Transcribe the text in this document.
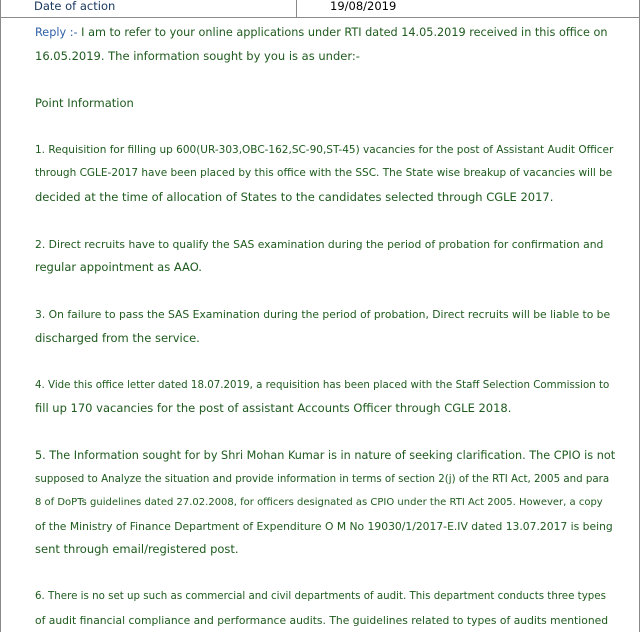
Date of action	19/08/2019
Reply :- I am to refer to your online applications under RTI dated 14.05.2019 received in this office on
16.05.2019. The information sought by you is as under:-
Point Information
1. Requisition for filling up 600(UR-303,OBC-162,SC-90,ST-45) vacancies for the post of Assistant Audit Officer
through CGLE-2017 have been placed by this office with the SSC. The State wise breakup of vacancies will be
decided at the time of allocation of States to the candidates selected through CGLE 2017.
2. Direct recruits have to qualify the SAS examination during the period of probation for confirmation and
regular appointment as AAO.
3. On failure to pass the SAS Examination during the period of probation, Direct recruits will be liable to be
discharged from the service.
4. Vide this office letter dated 18.07.2019, a requisition has been placed with the Staff Selection Commission to
fill up 170 vacancies for the post of assistant Accounts Officer through CGLE 2018.
5. The Information sought for by Shri Mohan Kumar is in nature of seeking clarification. The CPIO is not
supposed to Analyze the situation and provide information in terms of section 2(j) of the RTI Act, 2005 and para
8 of DoPTs guidelines dated 27.02.2008, for officers designated as CPIO under the RTI Act 2005. However, a copy
of the Ministry of Finance Department of Expenditure O M No 19030/1/2017-E.IV dated 13.07.2017 is being
sent through email/registered post.
6. There is no set up such as commercial and civil departments of audit. This department conducts three types
of audit financial compliance and performance audits. The guidelines related to types of audits mentioned
